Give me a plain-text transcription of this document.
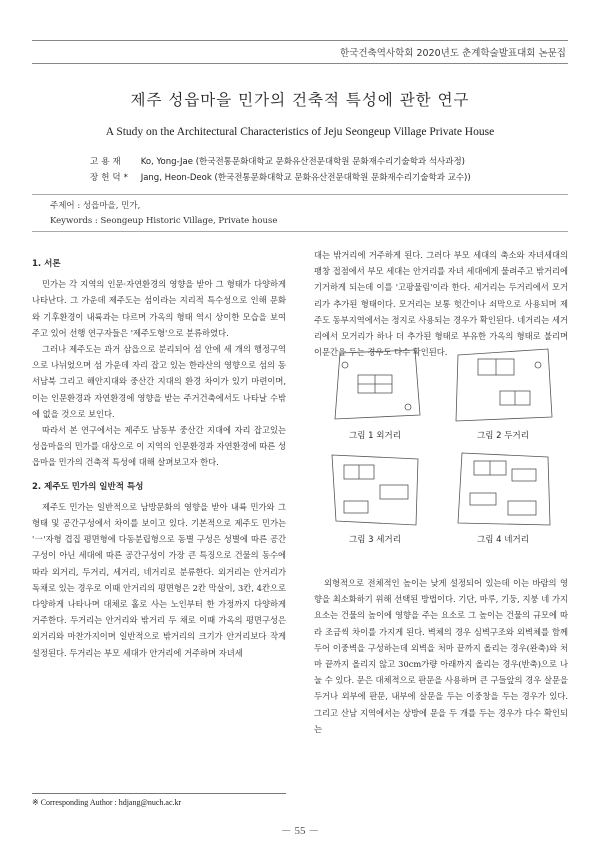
한국건축역사학회 2020년도 춘계학술발표대회 논문집
제주 성읍마을 민가의 건축적 특성에 관한 연구
A Study on the Architectural Characteristics of Jeju Seongeup Village Private House
고용재 Ko, Yong-Jae (한국전통문화대학교 문화유산전문대학원 문화재수리기술학과 석사과정)
장헌덕* Jang, Heon-Deok (한국전통문화대학교 문화유산전문대학원 문화재수리기술학과 교수))
주제어 : 성읍마을, 민가,
Keywords : Seongeup Historic Village, Private house
1. 서론

민가는 각 지역의 인문·자연환경의 영향을 받아 그 형태가 다양하게 나타난다. 그 가운데 제주도는 섬이라는 지리적 특수성으로 인해 문화와 기후환경이 내륙과는 다르며 가옥의 형태 역시 상이한 모습을 보여주고 있어 선행 연구자들은 '제주도형'으로 분류하였다.

그러나 제주도는 과거 삼읍으로 분리되어 섬 안에 세 개의 행정구역으로 나뉘었으며 섬 가운데 자리 잡고 있는 한라산의 영향으로 섬의 동서남북 그리고 해안지대와 중산간 지대의 환경 차이가 있기 마련이며, 이는 인문환경과 자연환경에 영향을 받는 주거건축에서도 나타날 수밖에 없을 것으로 보인다.

따라서 본 연구에서는 제주도 남동부 중산간 지대에 자리 잡고있는 성읍마을의 민가를 대상으로 이 지역의 인문환경과 자연환경에 따른 성읍마을 민가의 건축적 특성에 대해 살펴보고자 한다.

2. 제주도 민가의 일반적 특성

제주도 민가는 일반적으로 남방문화의 영향을 받아 내륙 민가와 그 형태 및 공간구성에서 차이를 보이고 있다. 기본적으로 제주도 민가는 '一'자형 겹집 평면형에 다동분립형으로 동별 구성은 성별에 따른 공간구성이 아닌 세대에 따른 공간구성이 가장 큰 특징으로 건물의 동수에 따라 외거리, 두거리, 세거리, 네거리로 분류한다. 외거리는 안거리가 독채로 있는 경우로 이때 안거리의 평면형은 2칸 막살이, 3칸, 4칸으로 다양하게 나타나며 대체로 홀로 사는 노인부터 한 가정까지 다양하게 거주한다. 두거리는 안거리와 밖거리 두 채로 이때 가옥의 평면구성은 외거리와 마찬가지이며 일반적으로 밖거리의 크기가 안거리보다 작게 설정된다. 두거리는 부모 세대가 안거리에 거주하며 자녀세

대는 밖거리에 거주하게 된다. 그러다 부모 세대의 축소와 자녀세대의 팽창 접점에서 부모 세대는 안거리를 자녀 세대에게 물려주고 밖거리에 기거하게 되는데 이를 '고팡물림'이라 한다. 세거리는 두거리에서 모거리가 추가된 형태이다. 모거리는 보통 헛간이나 쇠막으로 사용되며 제주도 동부지역에서는 정지로 사용되는 경우가 확인된다. 네거리는 세거리에서 모거리가 하나 더 추가된 형태로 부유한 가옥의 형태로 불리며 이문간을 두는 경우도 다수 확인된다.

그림 1 외거리	그림 2 두거리
그림 3 세거리	그림 4 네거리

외형적으로 전체적인 높이는 낮게 설정되어 있는데 이는 바람의 영향을 최소화하기 위해 선택된 방법이다. 기단, 마루, 기둥, 지붕 네 가지 요소는 건물의 높이에 영향을 주는 요소로 그 높이는 건물의 규모에 따라 조금씩 차이를 가지게 된다. 벽체의 경우 심벽구조와 외벽체를 함께 두어 이중벽을 구성하는데 외벽을 처마 끝까지 올리는 경우(완축)와 처마 끝까지 올리지 않고 30cm가량 아래까지 올리는 경우(반축)으로 나눌 수 있다. 문은 대체적으로 판문을 사용하며 큰 구들앞의 경우 살문을 두거나 외부에 판문, 내부에 살문을 두는 이중창을 두는 경우가 있다. 그리고 산남 지역에서는 상방에 문을 두 개를 두는 경우가 다수 확인되는

※ Corresponding Author : hdjang@nuch.ac.kr
－ 55 －
